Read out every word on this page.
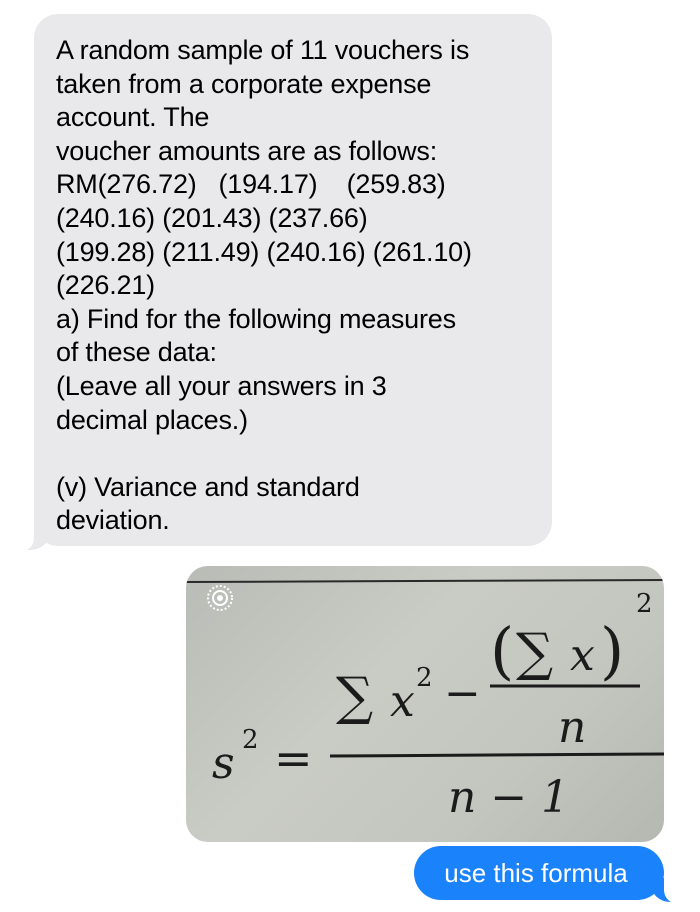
A random sample of 11 vouchers is
taken from a corporate expense
account. The
voucher amounts are as follows:
RM(276.72)   (194.17)    (259.83)
(240.16) (201.43) (237.66)
(199.28) (211.49) (240.16) (261.10)
(226.21)
a) Find for the following measures
of these data:
(Leave all your answers in 3
decimal places.)
(v) Variance and standard
deviation.
s 2 =
∑ x 2 −
( ∑ x )
2
n
n − 1
use this formula
